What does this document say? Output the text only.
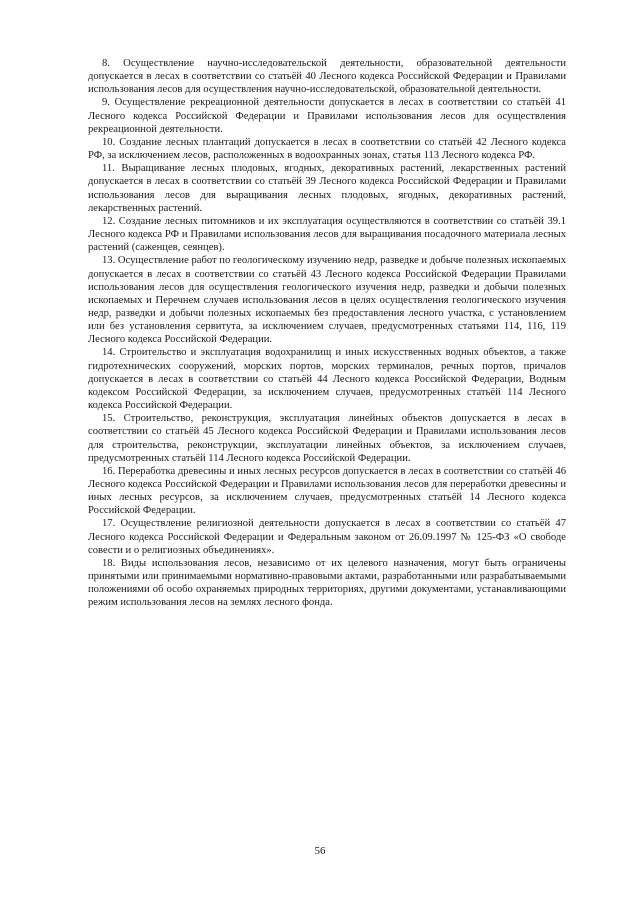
8. Осуществление научно-исследовательской деятельности, образовательной деятельности допускается в лесах в соответствии со статьёй 40 Лесного кодекса Российской Федерации и Правилами использования лесов для осуществления научно-исследовательской, образовательной деятельности.

9. Осуществление рекреационной деятельности допускается в лесах в соответствии со статьёй 41 Лесного кодекса Российской Федерации и Правилами использования лесов для осуществления рекреационной деятельности.

10. Создание лесных плантаций допускается в лесах в соответствии со статьёй 42 Лесного кодекса РФ, за исключением лесов, расположенных в водоохранных зонах, статья 113 Лесного кодекса РФ.

11. Выращивание лесных плодовых, ягодных, декоративных растений, лекарственных растений допускается в лесах в соответствии со статьёй 39 Лесного кодекса Российской Федерации и Правилами использования лесов для выращивания лесных плодовых, ягодных, декоративных растений, лекарственных растений.

12. Создание лесных питомников и их эксплуатация осуществляются в соответствии со статьёй 39.1 Лесного кодекса РФ и Правилами использования лесов для выращивания посадочного материала лесных растений (саженцев, сеянцев).

13. Осуществление работ по геологическому изучению недр, разведке и добыче полезных ископаемых допускается в лесах в соответствии со статьёй 43 Лесного кодекса Российской Федерации Правилами использования лесов для осуществления геологического изучения недр, разведки и добычи полезных ископаемых и Перечнем случаев использования лесов в целях осуществления геологического изучения недр, разведки и добычи полезных ископаемых без предоставления лесного участка, с установлением или без установления сервитута, за исключением случаев, предусмотренных статьями 114, 116, 119 Лесного кодекса Российской Федерации.

14. Строительство и эксплуатация водохранилищ и иных искусственных водных объектов, а также гидротехнических сооружений, морских портов, морских терминалов, речных портов, причалов допускается в лесах в соответствии со статьёй 44 Лесного кодекса Российской Федерации, Водным кодексом Российской Федерации, за исключением случаев, предусмотренных статьёй 114 Лесного кодекса Российской Федерации.

15. Строительство, реконструкция, эксплуатация линейных объектов допускается в лесах в соответствии со статьёй 45 Лесного кодекса Российской Федерации и Правилами использования лесов для строительства, реконструкции, эксплуатации линейных объектов, за исключением случаев, предусмотренных статьёй 114 Лесного кодекса Российской Федерации.

16. Переработка древесины и иных лесных ресурсов допускается в лесах в соответствии со статьёй 46 Лесного кодекса Российской Федерации и Правилами использования лесов для переработки древесины и иных лесных ресурсов, за исключением случаев, предусмотренных статьёй 14 Лесного кодекса Российской Федерации.

17. Осуществление религиозной деятельности допускается в лесах в соответствии со статьёй 47 Лесного кодекса Российской Федерации и Федеральным законом от 26.09.1997 № 125-ФЗ «О свободе совести и о религиозных объединениях».

18. Виды использования лесов, независимо от их целевого назначения, могут быть ограничены принятыми или принимаемыми нормативно-правовыми актами, разработанными или разрабатываемыми положениями об особо охраняемых природных территориях, другими документами, устанавливающими режим использования лесов на землях лесного фонда.

56
